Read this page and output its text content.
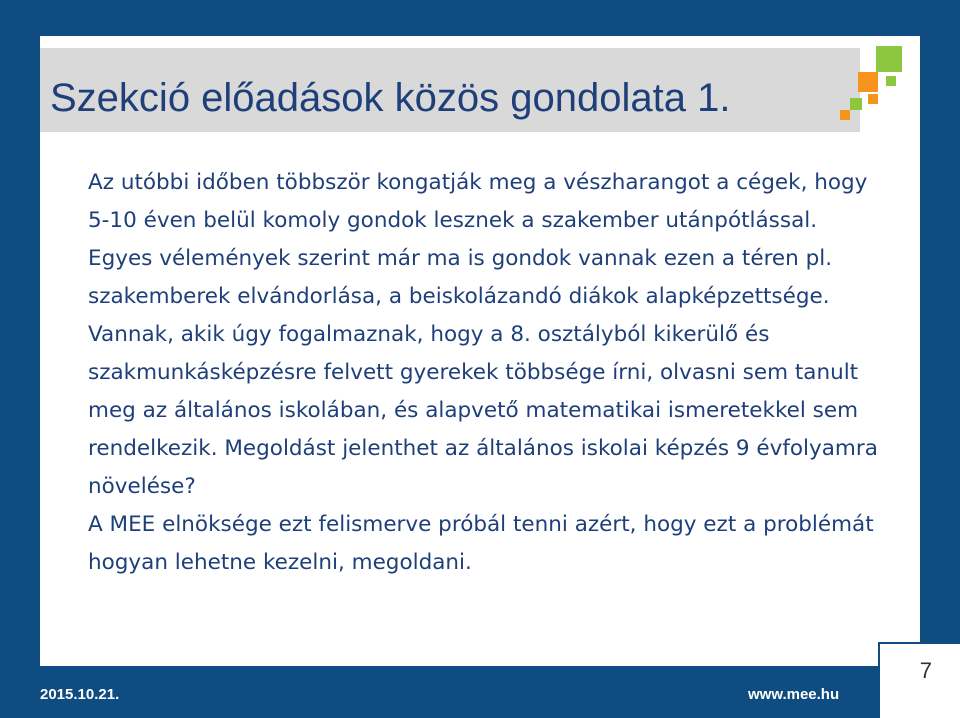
Szekció előadások közös gondolata 1.

Az utóbbi időben többször kongatják meg a vészharangot a cégek, hogy 5-10 éven belül komoly gondok lesznek a szakember utánpótlással. Egyes vélemények szerint már ma is gondok vannak ezen a téren pl. szakemberek elvándorlása, a beiskolázandó diákok alapképzettsége.

Vannak, akik úgy fogalmaznak, hogy a 8. osztályból kikerülő és szakmunkásképzésre felvett gyerekek többsége írni, olvasni sem tanult meg az általános iskolában, és alapvető matematikai ismeretekkel sem rendelkezik. Megoldást jelenthet az általános iskolai képzés 9 évfolyamra növelése?

A MEE elnöksége ezt felismerve próbál tenni azért, hogy ezt a problémát hogyan lehetne kezelni, megoldani.

2015.10.21.	www.mee.hu
7
